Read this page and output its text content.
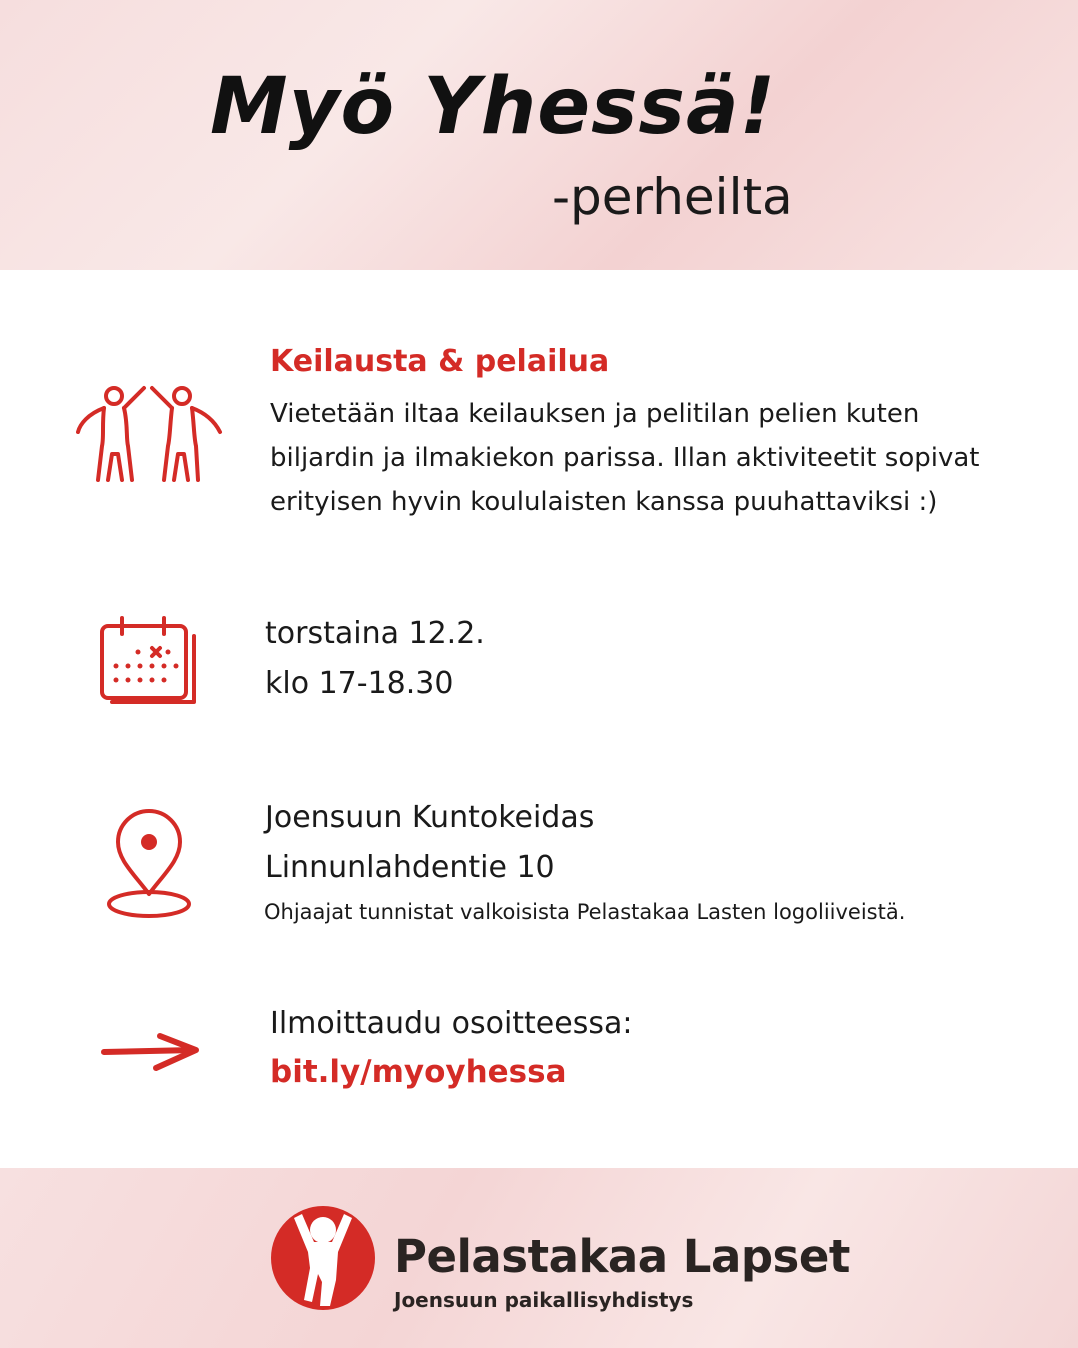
Myö Yhessä!
-perheilta
Keilausta & pelailua
Vietetään iltaa keilauksen ja pelitilan pelien kuten biljardin ja ilmakiekon parissa. Illan aktiviteetit sopivat erityisen hyvin koululaisten kanssa puuhattaviksi :)
torstaina 12.2.
klo 17-18.30
Joensuun Kuntokeidas
Linnunlahdentie 10
Ohjaajat tunnistat valkoisista Pelastakaa Lasten logoliiveistä.
Ilmoittaudu osoitteessa:
bit.ly/myoyhessa
Pelastakaa Lapset
Joensuun paikallisyhdistys
